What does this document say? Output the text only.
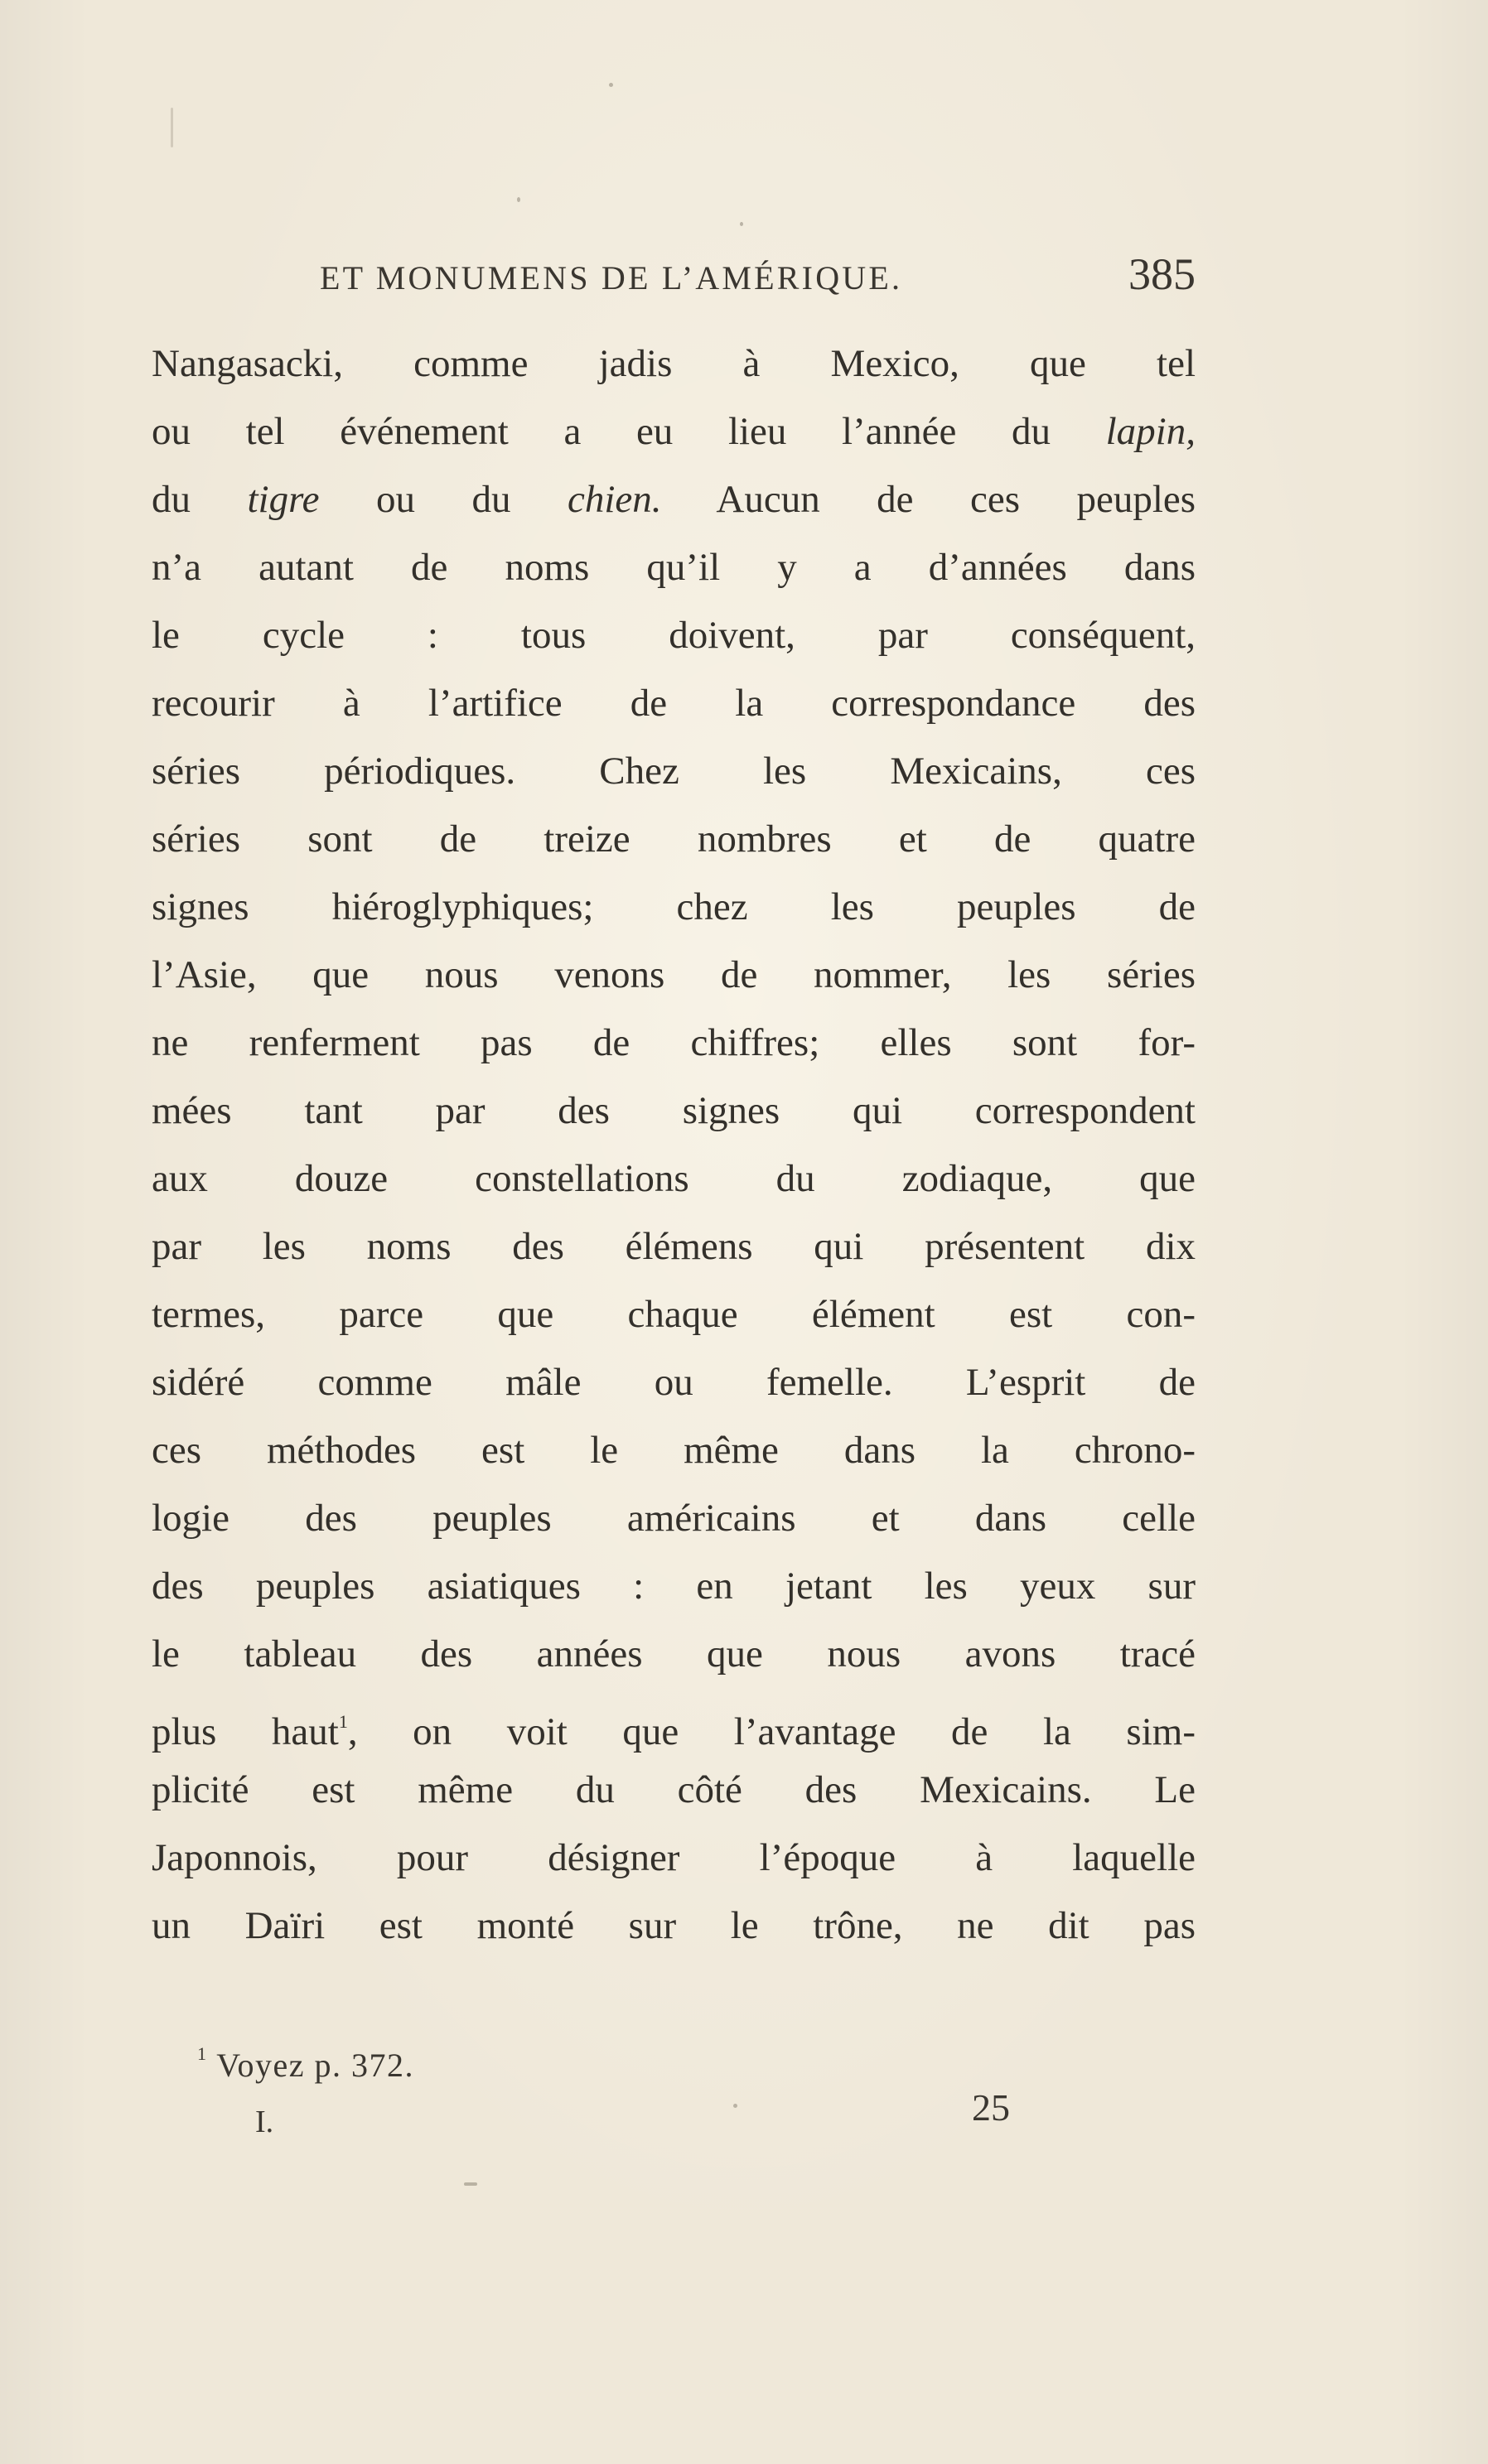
ET MONUMENS DE L’AMÉRIQUE.	385
Nangasacki, comme jadis à Mexico, que tel
ou tel événement a eu lieu l’année du lapin,
du tigre ou du chien. Aucun de ces peuples
n’a autant de noms qu’il y a d’années dans
le cycle : tous doivent, par conséquent,
recourir à l’artifice de la correspondance des
séries périodiques. Chez les Mexicains, ces
séries sont de treize nombres et de quatre
signes hiéroglyphiques; chez les peuples de
l’Asie, que nous venons de nommer, les séries
ne renferment pas de chiffres; elles sont for-
mées tant par des signes qui correspondent
aux douze constellations du zodiaque, que
par les noms des élémens qui présentent dix
termes, parce que chaque élément est con-
sidéré comme mâle ou femelle. L’esprit de
ces méthodes est le même dans la chrono-
logie des peuples américains et dans celle
des peuples asiatiques : en jetant les yeux sur
le tableau des années que nous avons tracé
plus haut$^1$, on voit que l’avantage de la sim-
plicité est même du côté des Mexicains. Le
Japonnois, pour désigner l’époque à laquelle
un Daïri est monté sur le trône, ne dit pas
$^1$ Voyez p. 372.
I.	25
